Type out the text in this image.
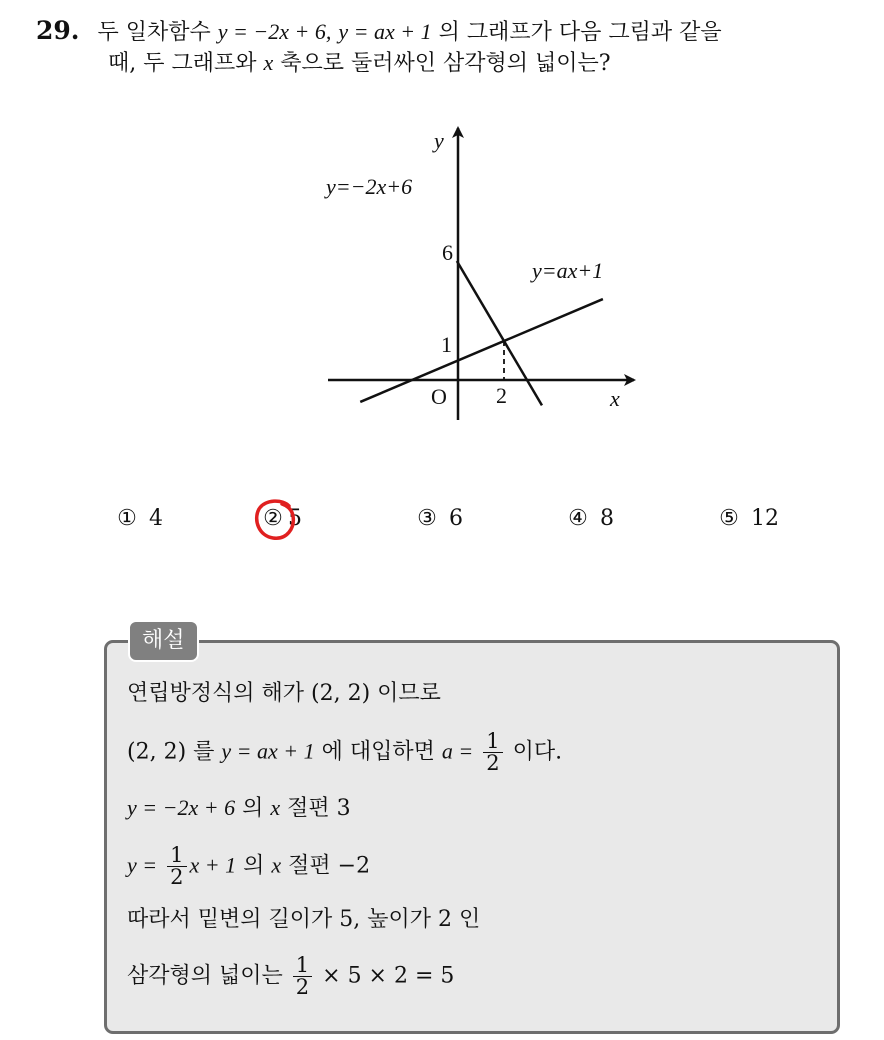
29. 두 일차함수 y = −2x + 6, y = ax + 1 의 그래프가 다음 그림과 같을
때, 두 그래프와 x 축으로 둘러싸인 삼각형의 넓이는?
y=−2x+6
y=ax+1
y
x
O
6
1
2
① 4	② 5	③ 6	④ 8	⑤ 12
연립방정식의 해가 (2, 2) 이므로
(2, 2) 를 y = ax + 1 에 대입하면 $a = \frac{1}{2}$ 이다.
y = −2x + 6 의 x 절편 3
$y = \frac{1}{2}$ x + 1 의 x 절편 −2
따라서 밑변의 길이가 5, 높이가 2 인
삼각형의 넓이는 $\frac{1}{2} \times 5 \times 2 = 5$
해설
